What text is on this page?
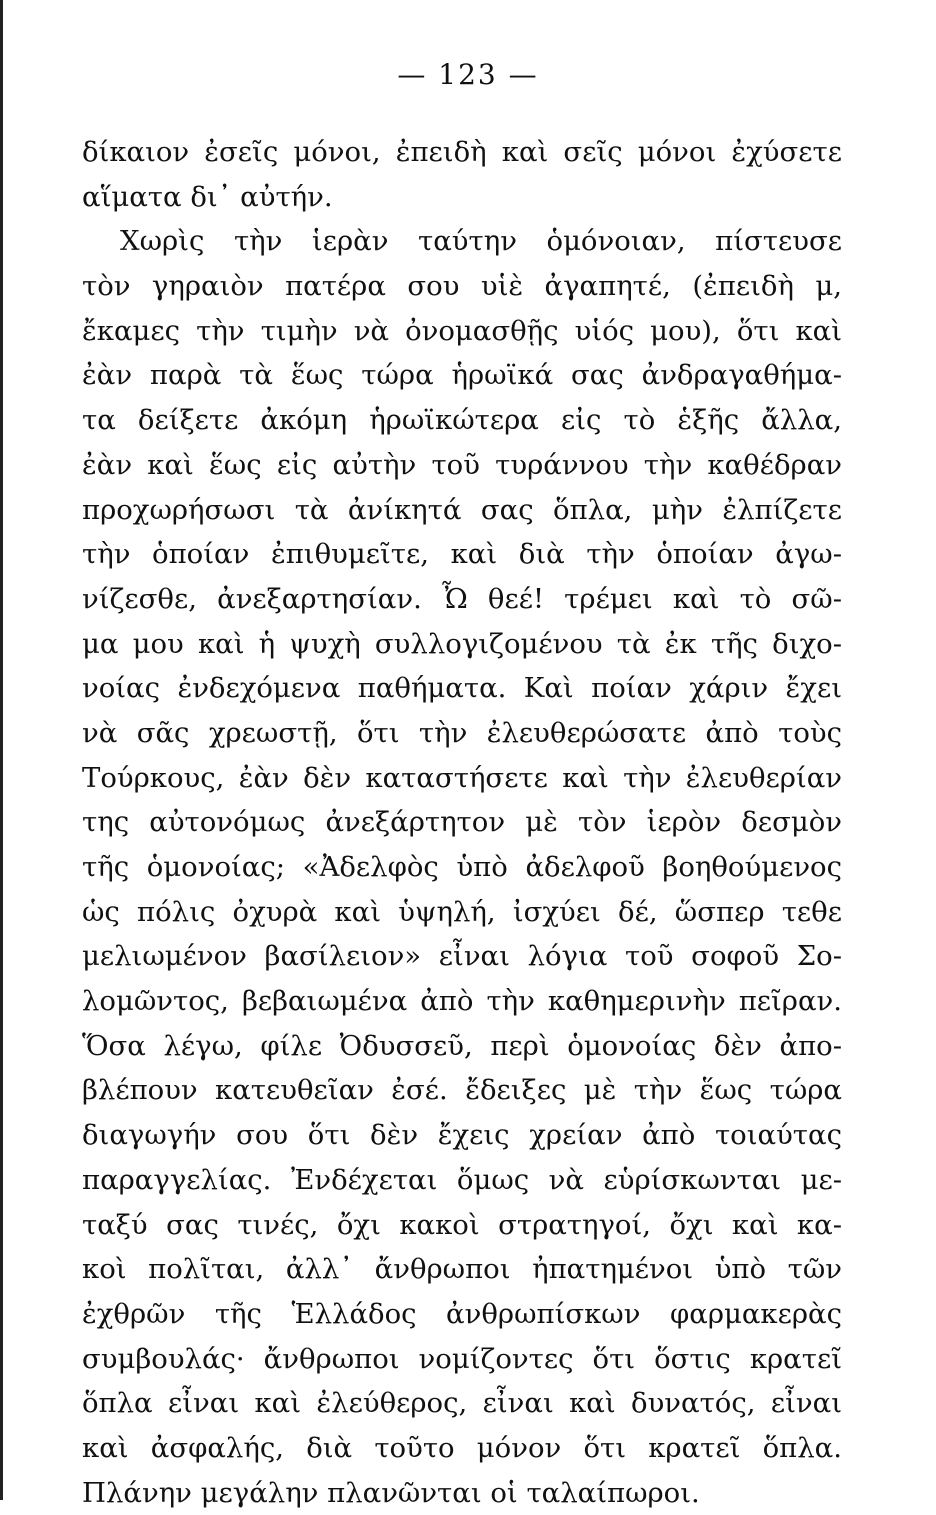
— 123 —
δίκαιον ἐσεῖς μόνοι, ἐπειδὴ καὶ σεῖς μόνοι ἐχύσετε
αἵματα δι᾿ αὐτήν.
Χωρὶς τὴν ἱερὰν ταύτην ὁμόνοιαν, πίστευσε
τὸν γηραιὸν πατέρα σου υἱὲ ἀγαπητέ, (ἐπειδὴ μ,
ἔκαμες τὴν τιμὴν νὰ ὀνομασθῇς υἱός μου), ὅτι καὶ
ἐὰν παρὰ τὰ ἕως τώρα ἡρωϊκά σας ἀνδραγαθήμα-
τα δείξετε ἀκόμη ἡρωϊκώτερα εἰς τὸ ἑξῆς ἄλλα,
ἐὰν καὶ ἕως εἰς αὐτὴν τοῦ τυράννου τὴν καθέδραν
προχωρήσωσι τὰ ἀνίκητά σας ὅπλα, μὴν ἐλπίζετε
τὴν ὁποίαν ἐπιθυμεῖτε, καὶ διὰ τὴν ὁποίαν ἀγω-
νίζεσθε, ἀνεξαρτησίαν. Ὦ θεέ! τρέμει καὶ τὸ σῶ-
μα μου καὶ ἡ ψυχὴ συλλογιζομένου τὰ ἐκ τῆς διχο-
νοίας ἐνδεχόμενα παθήματα. Καὶ ποίαν χάριν ἔχει
νὰ σᾶς χρεωστῇ, ὅτι τὴν ἐλευθερώσατε ἀπὸ τοὺς
Τούρκους, ἐὰν δὲν καταστήσετε καὶ τὴν ἐλευθερίαν
της αὐτονόμως ἀνεξάρτητον μὲ τὸν ἱερὸν δεσμὸν
τῆς ὁμονοίας; «Ἀδελφὸς ὑπὸ ἀδελφοῦ βοηθούμενος
ὡς πόλις ὀχυρὰ καὶ ὑψηλή, ἰσχύει δέ, ὥσπερ τεθε
μελιωμένον βασίλειον» εἶναι λόγια τοῦ σοφοῦ Σο-
λομῶντος, βεβαιωμένα ἀπὸ τὴν καθημερινὴν πεῖραν.
Ὅσα λέγω, φίλε Ὀδυσσεῦ, περὶ ὁμονοίας δὲν ἀπο-
βλέπουν κατευθεῖαν ἐσέ. ἔδειξες μὲ τὴν ἕως τώρα
διαγωγήν σου ὅτι δὲν ἔχεις χρείαν ἀπὸ τοιαύτας
παραγγελίας. Ἐνδέχεται ὅμως νὰ εὑρίσκωνται με-
ταξύ σας τινές, ὄχι κακοὶ στρατηγοί, ὄχι καὶ κα-
κοὶ πολῖται, ἀλλ᾿ ἄνθρωποι ἠπατημένοι ὑπὸ τῶν
ἐχθρῶν τῆς Ἑλλάδος ἀνθρωπίσκων φαρμακερὰς
συμβουλάς· ἄνθρωποι νομίζοντες ὅτι ὅστις κρατεῖ
ὅπλα εἶναι καὶ ἐλεύθερος, εἶναι καὶ δυνατός, εἶναι
καὶ ἀσφαλής, διὰ τοῦτο μόνον ὅτι κρατεῖ ὅπλα.
Πλάνην μεγάλην πλανῶνται οἱ ταλαίπωροι.
